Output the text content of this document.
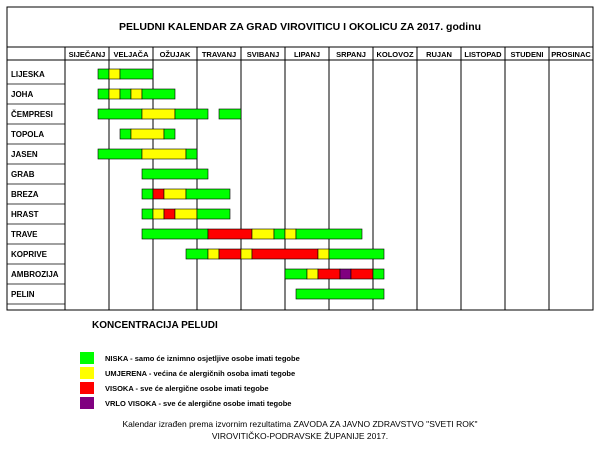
PELUDNI KALENDAR ZA GRAD VIROVITICU I OKOLICU ZA 2017. godinu
SIJEČANJ VELJAČA OŽUJAK TRAVANJ SVIBANJ LIPANJ SRPANJ KOLOVOZ RUJAN LISTOPAD STUDENI PROSINAC
LIJESKA
JOHA
ČEMPRESI
TOPOLA
JASEN
GRAB
BREZA
HRAST
TRAVE
KOPRIVE
AMBROZIJA
PELIN
KONCENTRACIJA PELUDI
NISKA - samo će iznimno osjetljive osobe imati tegobe
UMJERENA - većina će alergičnih osoba imati tegobe
VISOKA - sve će alergične osobe imati tegobe
VRLO VISOKA - sve će alergične osobe imati tegobe
Kalendar izrađen prema izvornim rezultatima ZAVODA ZA JAVNO ZDRAVSTVO "SVETI ROK"
VIROVITIČKO-PODRAVSKE ŽUPANIJE 2017.
